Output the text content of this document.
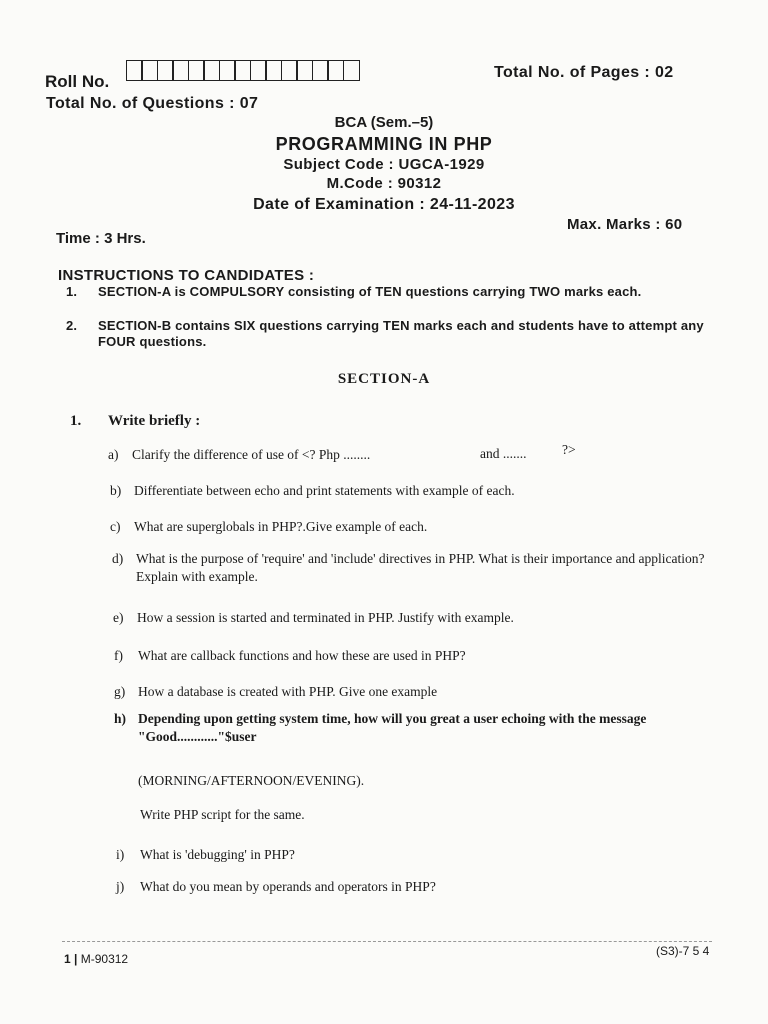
Roll No.	Total No. of Pages : 02
Total No. of Questions : 07
BCA (Sem.–5)
PROGRAMMING IN PHP
Subject Code : UGCA-1929
M.Code : 90312
Date of Examination : 24-11-2023
Time : 3 Hrs.
Max. Marks : 60
INSTRUCTIONS TO CANDIDATES :
1. SECTION-A is COMPULSORY consisting of TEN questions carrying TWO marks each.
2. SECTION-B contains SIX questions carrying TEN marks each and students have to attempt any FOUR questions.
SECTION-A
1. Write briefly :
a) Clarify the difference of use of <? Php ........	and .......	?>
b) Differentiate between echo and print statements with example of each.
c) What are superglobals in PHP?.Give example of each.
d) What is the purpose of 'require' and 'include' directives in PHP. What is their importance and application? Explain with example.
e) How a session is started and terminated in PHP. Justify with example.
f) What are callback functions and how these are used in PHP?
g) How a database is created with PHP. Give one example
h) Depending upon getting system time, how will you great a user echoing with the message "Good............"$user
(MORNING/AFTERNOON/EVENING).
Write PHP script for the same.
i) What is 'debugging' in PHP?
j) What do you mean by operands and operators in PHP?
1 | M-90312
(S3)-7 5 4
